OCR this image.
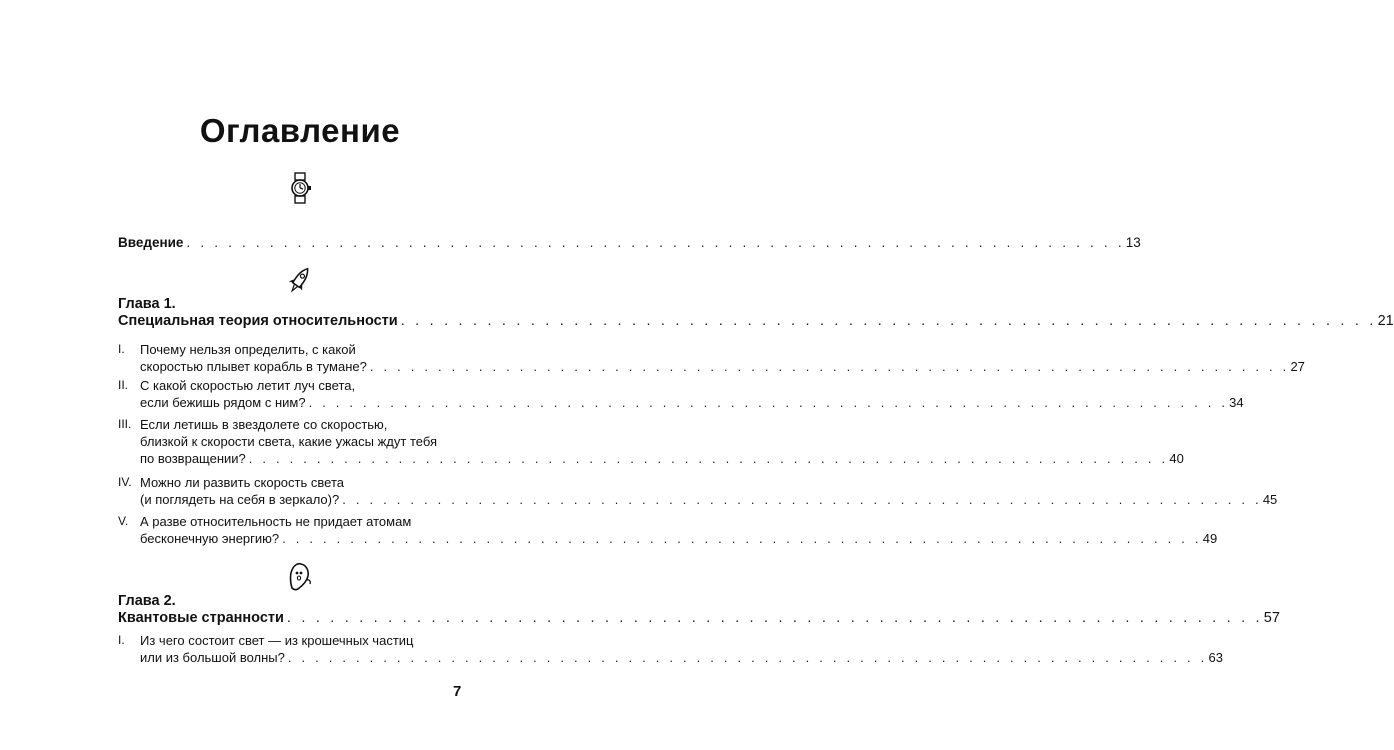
Оглавление
Введение . . . . . . . . . . . . . . . . . . . . . . . . . . . . . . . . . . . . . . . . . . . . . . . . . . . . . . . . . . . . . . . . . . . . 13
Глава 1.
Специальная теория относительности . . . . . . . . . . . . . . . . . . . . . . . . . . . . . . . . . . . . . . . . . . . . . . . . . . . . . . . . . . . . . . . . . . . . 21
I. Почему нельзя определить, с какой
скоростью плывет корабль в тумане? . . . . . . . . . . . . . . . . . . . . . . . . . . . . . . . . . . . . . . . . . . . . . . . . . . . . . . . . . . . . . . . . . . . . 27
II. С какой скоростью летит луч света,
если бежишь рядом с ним? . . . . . . . . . . . . . . . . . . . . . . . . . . . . . . . . . . . . . . . . . . . . . . . . . . . . . . . . . . . . . . . . . . . . 34
III. Если летишь в звездолете со скоростью,
близкой к скорости света, какие ужасы ждут тебя
по возвращении? . . . . . . . . . . . . . . . . . . . . . . . . . . . . . . . . . . . . . . . . . . . . . . . . . . . . . . . . . . . . . . . . . . . . 40
IV. Можно ли развить скорость света
(и поглядеть на себя в зеркало)? . . . . . . . . . . . . . . . . . . . . . . . . . . . . . . . . . . . . . . . . . . . . . . . . . . . . . . . . . . . . . . . . . . . . 45
V. А разве относительность не придает атомам
бесконечную энергию? . . . . . . . . . . . . . . . . . . . . . . . . . . . . . . . . . . . . . . . . . . . . . . . . . . . . . . . . . . . . . . . . . . . . 49
Глава 2.
Квантовые странности . . . . . . . . . . . . . . . . . . . . . . . . . . . . . . . . . . . . . . . . . . . . . . . . . . . . . . . . . . . . . . . . . . . . 57
I. Из чего состоит свет — из крошечных частиц
или из большой волны? . . . . . . . . . . . . . . . . . . . . . . . . . . . . . . . . . . . . . . . . . . . . . . . . . . . . . . . . . . . . . . . . . . . . 63
7
